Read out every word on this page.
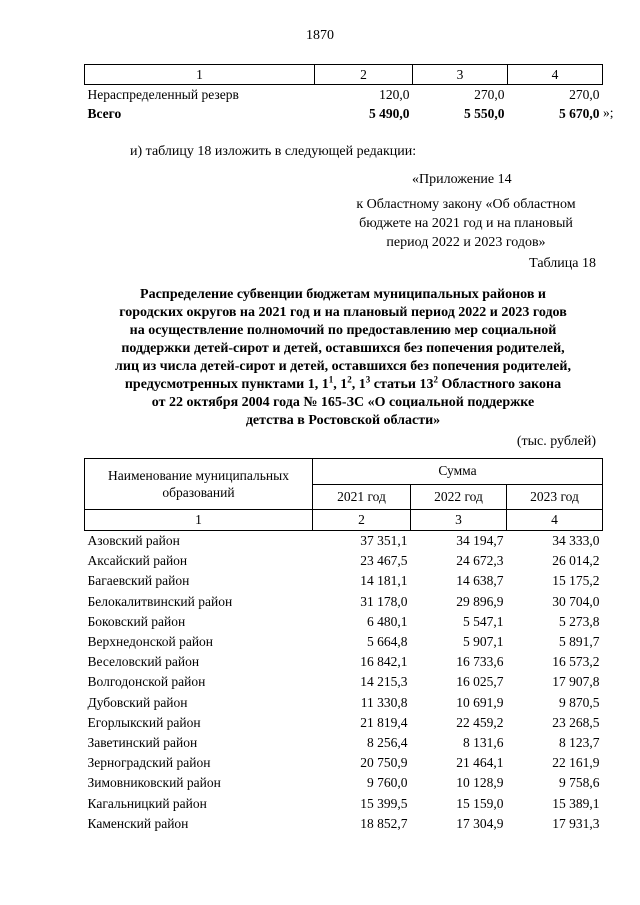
1870
1	2	3	4
Нераспределенный резерв	120,0	270,0	270,0
Всего	5 490,0	5 550,0	5 670,0 »;
и) таблицу 18 изложить в следующей редакции:
«Приложение 14
к Областному закону «Об областном
бюджете на 2021 год и на плановый
период 2022 и 2023 годов»
Таблица 18
Распределение субвенции бюджетам муниципальных районов и
городских округов на 2021 год и на плановый период 2022 и 2023 годов
на осуществление полномочий по предоставлению мер социальной
поддержки детей-сирот и детей, оставшихся без попечения родителей,
лиц из числа детей-сирот и детей, оставшихся без попечения родителей,
предусмотренных пунктами 1, $1^1$, $1^2$, $1^3$ статьи $13^2$ Областного закона
от 22 октября 2004 года № 165-ЗС «О социальной поддержке
детства в Ростовской области»
(тыс. рублей)
Наименование муниципальных образований	Сумма		
	2021 год	2022 год	2023 год
1	2	3	4
Азовский район	37 351,1	34 194,7	34 333,0
Аксайский район	23 467,5	24 672,3	26 014,2
Багаевский район	14 181,1	14 638,7	15 175,2
Белокалитвинский район	31 178,0	29 896,9	30 704,0
Боковский район	6 480,1	5 547,1	5 273,8
Верхнедонской район	5 664,8	5 907,1	5 891,7
Веселовский район	16 842,1	16 733,6	16 573,2
Волгодонской район	14 215,3	16 025,7	17 907,8
Дубовский район	11 330,8	10 691,9	9 870,5
Егорлыкский район	21 819,4	22 459,2	23 268,5
Заветинский район	8 256,4	8 131,6	8 123,7
Зерноградский район	20 750,9	21 464,1	22 161,9
Зимовниковский район	9 760,0	10 128,9	9 758,6
Кагальницкий район	15 399,5	15 159,0	15 389,1
Каменский район	18 852,7	17 304,9	17 931,3
